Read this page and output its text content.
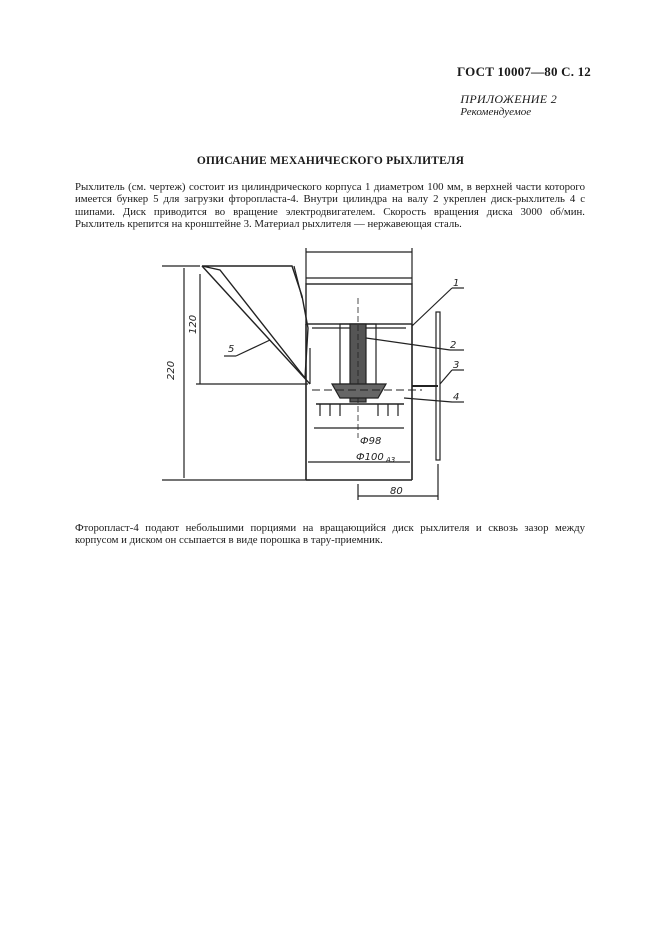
ГОСТ 10007—80 С. 12
ПРИЛОЖЕНИЕ 2
Рекомендуемое
ОПИСАНИЕ МЕХАНИЧЕСКОГО РЫХЛИТЕЛЯ
Рыхлитель (см. чертеж) состоит из цилиндрического корпуса 1 диаметром 100 мм, в верхней части которого имеется бункер 5 для загрузки фторопласта-4. Внутри цилиндра на валу 2 укреплен диск-рыхлитель 4 с шипами. Диск приводится во вращение электродвигателем. Скорость вращения диска 3000 об/мин. Рыхлитель крепится на кронштейне 3. Материал рыхлителя — нержавеющая сталь.
220
120
Ф98
Ф100 А3
80
1
2
3
4
5
Фторопласт-4 подают небольшими порциями на вращающийся диск рыхлителя и сквозь зазор между корпусом и диском он ссыпается в виде порошка в тару-приемник.
